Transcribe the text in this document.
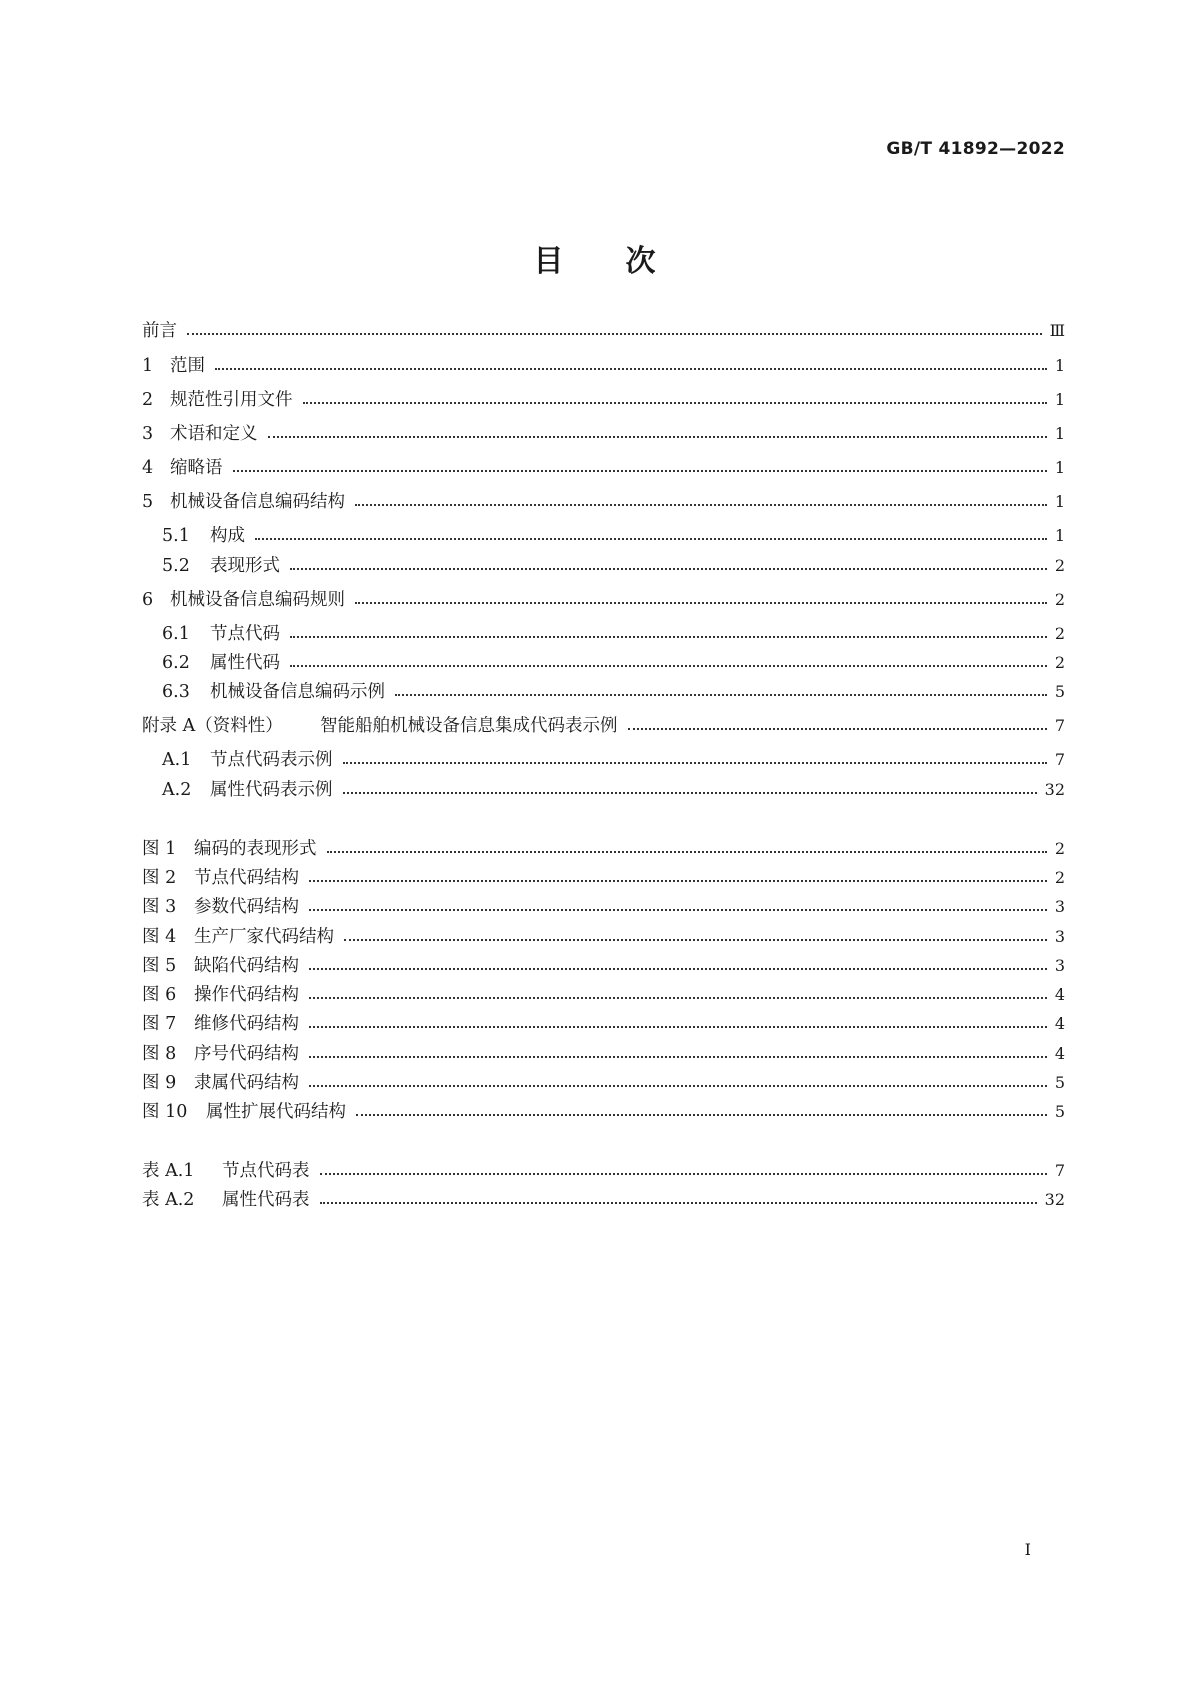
GB/T 41892—2022
目 次
前言	Ⅲ
1 范围	1
2 规范性引用文件	1
3 术语和定义	1
4 缩略语	1
5 机械设备信息编码结构	1
5.1	构成	1
5.2	表现形式	2
6 机械设备信息编码规则	2
6.1	节点代码	2
6.2	属性代码	2
6.3	机械设备信息编码示例	5
附录 A（资料性）	智能船舶机械设备信息集成代码表示例	7
A.1	节点代码表示例	7
A.2	属性代码表示例	32
图 1	编码的表现形式	2
图 2	节点代码结构	2
图 3	参数代码结构	3
图 4	生产厂家代码结构	3
图 5	缺陷代码结构	3
图 6	操作代码结构	4
图 7	维修代码结构	4
图 8	序号代码结构	4
图 9	隶属代码结构	5
图 10	属性扩展代码结构	5
表 A.1	节点代码表	7
表 A.2	属性代码表	32
I
